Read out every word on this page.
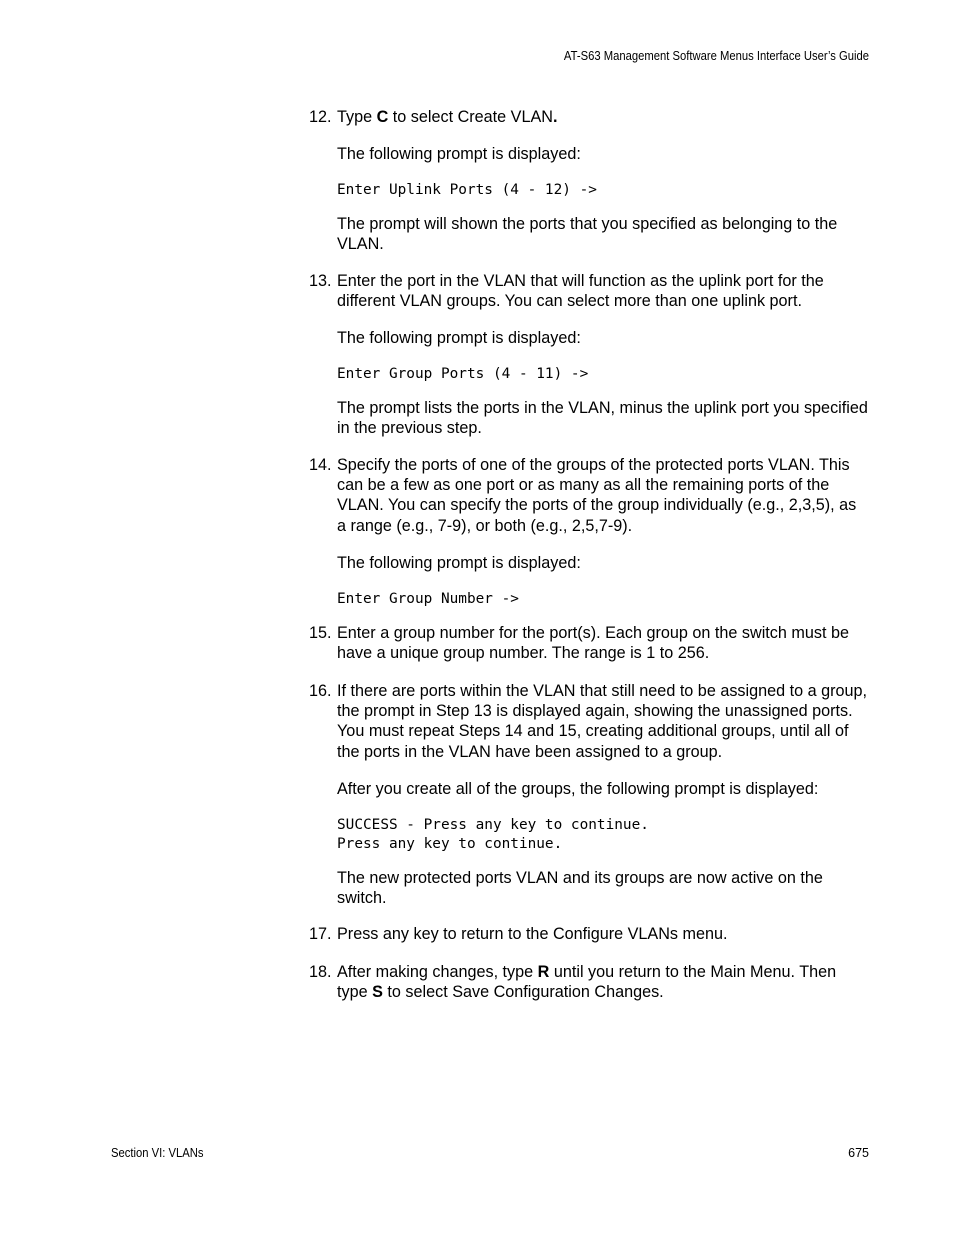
AT-S63 Management Software Menus Interface User’s Guide
12. Type C to select Create VLAN.
The following prompt is displayed:
Enter Uplink Ports (4 - 12) ->
The prompt will shown the ports that you specified as belonging to the VLAN.
13. Enter the port in the VLAN that will function as the uplink port for the different VLAN groups. You can select more than one uplink port.
The following prompt is displayed:
Enter Group Ports (4 - 11) ->
The prompt lists the ports in the VLAN, minus the uplink port you specified in the previous step.
14. Specify the ports of one of the groups of the protected ports VLAN. This can be a few as one port or as many as all the remaining ports of the VLAN. You can specify the ports of the group individually (e.g., 2,3,5), as a range (e.g., 7-9), or both (e.g., 2,5,7-9).
The following prompt is displayed:
Enter Group Number ->
15. Enter a group number for the port(s). Each group on the switch must be have a unique group number. The range is 1 to 256.
16. If there are ports within the VLAN that still need to be assigned to a group, the prompt in Step 13 is displayed again, showing the unassigned ports. You must repeat Steps 14 and 15, creating additional groups, until all of the ports in the VLAN have been assigned to a group.
After you create all of the groups, the following prompt is displayed:
SUCCESS - Press any key to continue.
Press any key to continue.
The new protected ports VLAN and its groups are now active on the switch.
17. Press any key to return to the Configure VLANs menu.
18. After making changes, type R until you return to the Main Menu. Then type S to select Save Configuration Changes.
Section VI: VLANs	675
